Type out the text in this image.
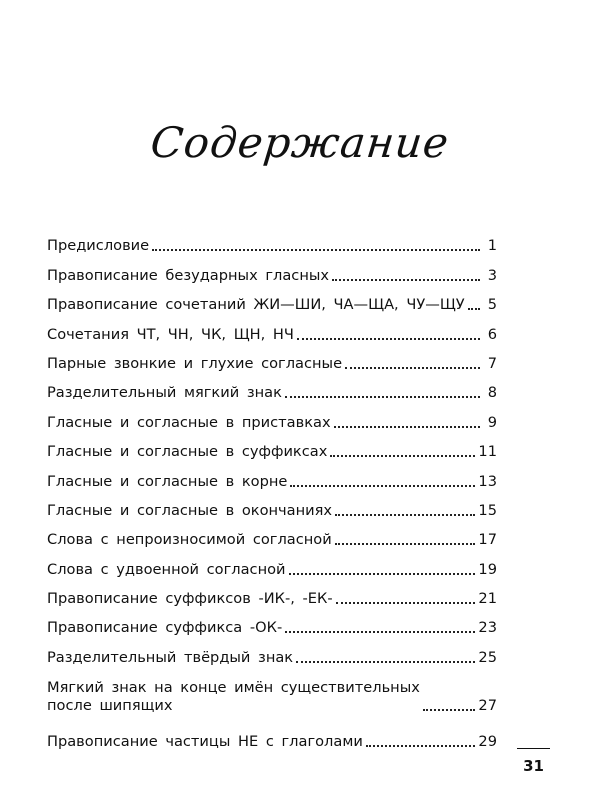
Содержание
Предисловие	1
Правописание безударных гласных	3
Правописание сочетаний ЖИ—ШИ, ЧА—ЩА, ЧУ—ЩУ	5
Сочетания ЧТ, ЧН, ЧК, ЩН, НЧ	6
Парные звонкие и глухие согласные	7
Разделительный мягкий знак	8
Гласные и согласные в приставках	9
Гласные и согласные в суффиксах	11
Гласные и согласные в корне	13
Гласные и согласные в окончаниях	15
Слова с непроизносимой согласной	17
Слова с удвоенной согласной	19
Правописание суффиксов -ИК-, -ЕК-	21
Правописание суффикса -ОК-	23
Разделительный твёрдый знак	25
Мягкий знак на конце имён существительных
после шипящих	27
Правописание частицы НЕ с глаголами	29
31
